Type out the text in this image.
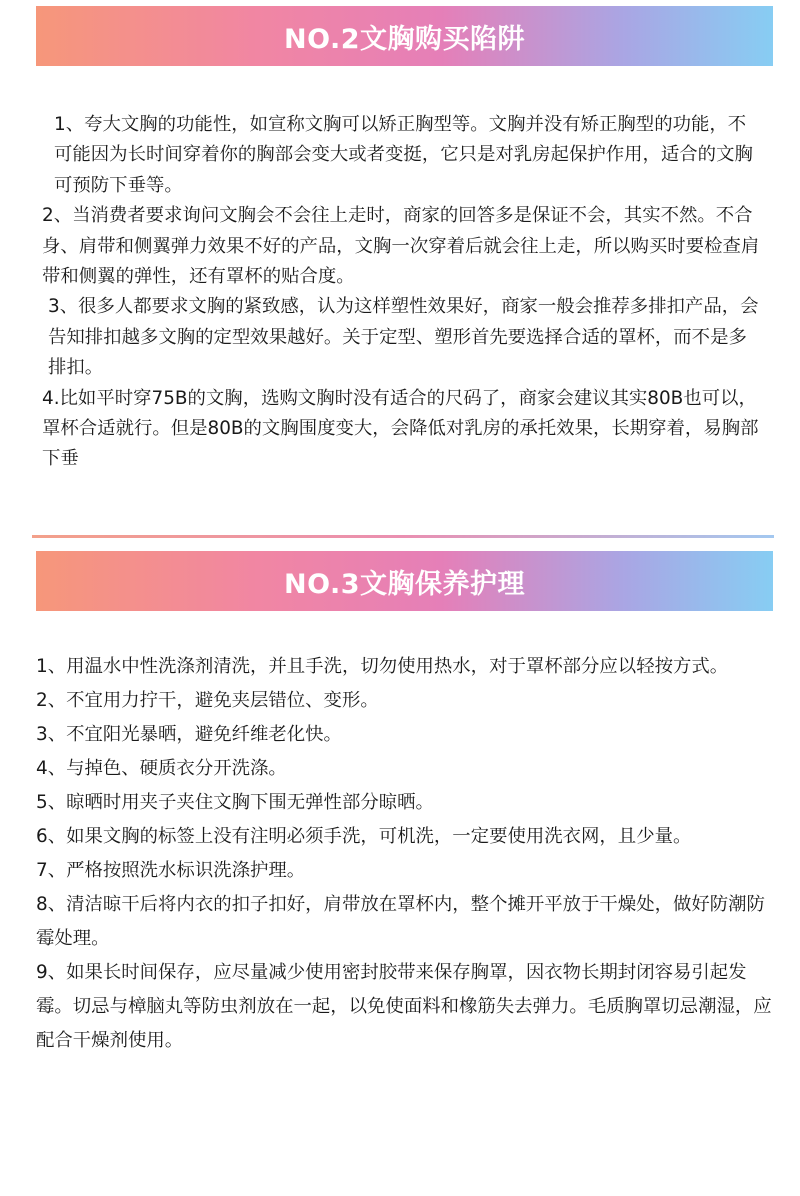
NO.2文胸购买陷阱

1、夸大文胸的功能性，如宣称文胸可以矫正胸型等。文胸并没有矫正胸型的功能，不可能因为长时间穿着你的胸部会变大或者变挺，它只是对乳房起保护作用，适合的文胸可预防下垂等。

2、当消费者要求询问文胸会不会往上走时，商家的回答多是保证不会，其实不然。不合身、肩带和侧翼弹力效果不好的产品，文胸一次穿着后就会往上走，所以购买时要检查肩带和侧翼的弹性，还有罩杯的贴合度。

3、很多人都要求文胸的紧致感，认为这样塑性效果好，商家一般会推荐多排扣产品，会告知排扣越多文胸的定型效果越好。关于定型、塑形首先要选择合适的罩杯，而不是多排扣。

4.比如平时穿75B的文胸，选购文胸时没有适合的尺码了，商家会建议其实80B也可以，罩杯合适就行。但是80B的文胸围度变大，会降低对乳房的承托效果，长期穿着，易胸部下垂

NO.3文胸保养护理

1、用温水中性洗涤剂清洗，并且手洗，切勿使用热水，对于罩杯部分应以轻按方式。

2、不宜用力拧干，避免夹层错位、变形。

3、不宜阳光暴晒，避免纤维老化快。

4、与掉色、硬质衣分开洗涤。

5、晾晒时用夹子夹住文胸下围无弹性部分晾晒。

6、如果文胸的标签上没有注明必须手洗，可机洗，一定要使用洗衣网，且少量。

7、严格按照洗水标识洗涤护理。

8、清洁晾干后将内衣的扣子扣好，肩带放在罩杯内，整个摊开平放于干燥处，做好防潮防霉处理。

9、如果长时间保存，应尽量减少使用密封胶带来保存胸罩，因衣物长期封闭容易引起发霉。切忌与樟脑丸等防虫剂放在一起，以免使面料和橡筋失去弹力。毛质胸罩切忌潮湿，应配合干燥剂使用。
